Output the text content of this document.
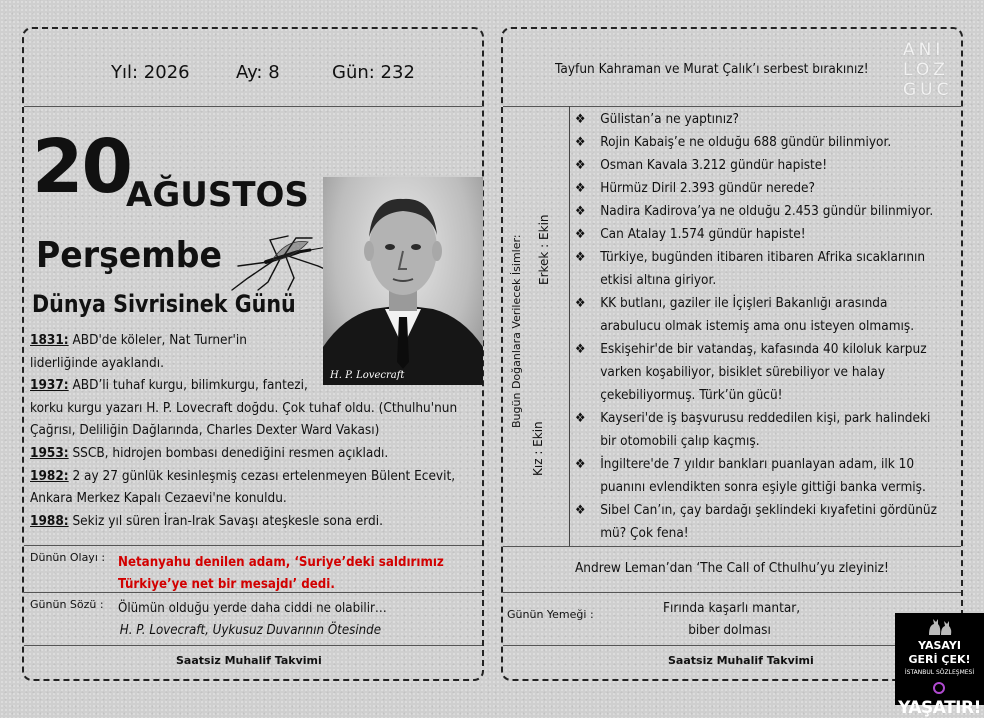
Yıl: 2026	Ay: 8	Gün: 232
20
AĞUSTOS
Perşembe
Dünya Sivrisinek Günü
H. P. Lovecraft
1831: ABD'de köleler, Nat Turner'in
liderliğinde ayaklandı.
1937: ABD’li tuhaf kurgu, bilimkurgu, fantezi,
korku kurgu yazarı H. P. Lovecraft doğdu. Çok tuhaf oldu. (Cthulhu'nun
Çağrısı, Deliliğin Dağlarında, Charles Dexter Ward Vakası)
1953: SSCB, hidrojen bombası denediğini resmen açıkladı.
1982: 2 ay 27 günlük kesinleşmiş cezası ertelenmeyen Bülent Ecevit,
Ankara Merkez Kapalı Cezaevi'ne konuldu.
1988: Sekiz yıl süren İran-Irak Savaşı ateşkesle sona erdi.
Dünün Olayı : Netanyahu denilen adam, ‘Suriye’deki saldırımız
Türkiye’ye net bir mesajdı’ dedi.
Günün Sözü : Ölümün olduğu yerde daha ciddi ne olabilir…
H. P. Lovecraft, Uykusuz Duvarının Ötesinde
Saatsiz Muhalif Takvimi
Tayfun Kahraman ve Murat Çalık’ı serbest bırakınız!
ANI
LOZ
GUC
Bugün Doğanlara Verilecek İsimler: Erkek : Ekin
Kız : Ekin
❖ Gülistan’a ne yaptınız?
❖ Rojin Kabaiş’e ne olduğu 688 gündür bilinmiyor.
❖ Osman Kavala 3.212 gündür hapiste!
❖ Hürmüz Diril 2.393 gündür nerede?
❖ Nadira Kadirova’ya ne olduğu 2.453 gündür bilinmiyor.
❖ Can Atalay 1.574 gündür hapiste!
❖ Türkiye, bugünden itibaren itibaren Afrika sıcaklarının
etkisi altına giriyor.
❖ KK butlanı, gaziler ile İçişleri Bakanlığı arasında
arabulucu olmak istemiş ama onu isteyen olmamış.
❖ Eskişehir'de bir vatandaş, kafasında 40 kiloluk karpuz
varken koşabiliyor, bisiklet sürebiliyor ve halay
çekebiliyormuş. Türk’ün gücü!
❖ Kayseri'de iş başvurusu reddedilen kişi, park halindeki
bir otomobili çalıp kaçmış.
❖ İngiltere'de 7 yıldır bankları puanlayan adam, ilk 10
puanını evlendikten sonra eşiyle gittiği banka vermiş.
❖ Sibel Can’ın, çay bardağı şeklindeki kıyafetini gördünüz
mü? Çok fena!
Andrew Leman’dan ‘The Call of Cthulhu’yu zleyiniz!
Günün Yemeği :	Fırında kaşarlı mantar,
biber dolması
Saatsiz Muhalif Takvimi
YASAYI
GERİ ÇEK!
İSTANBUL SÖZLEŞMESİ
YAŞATIR!
